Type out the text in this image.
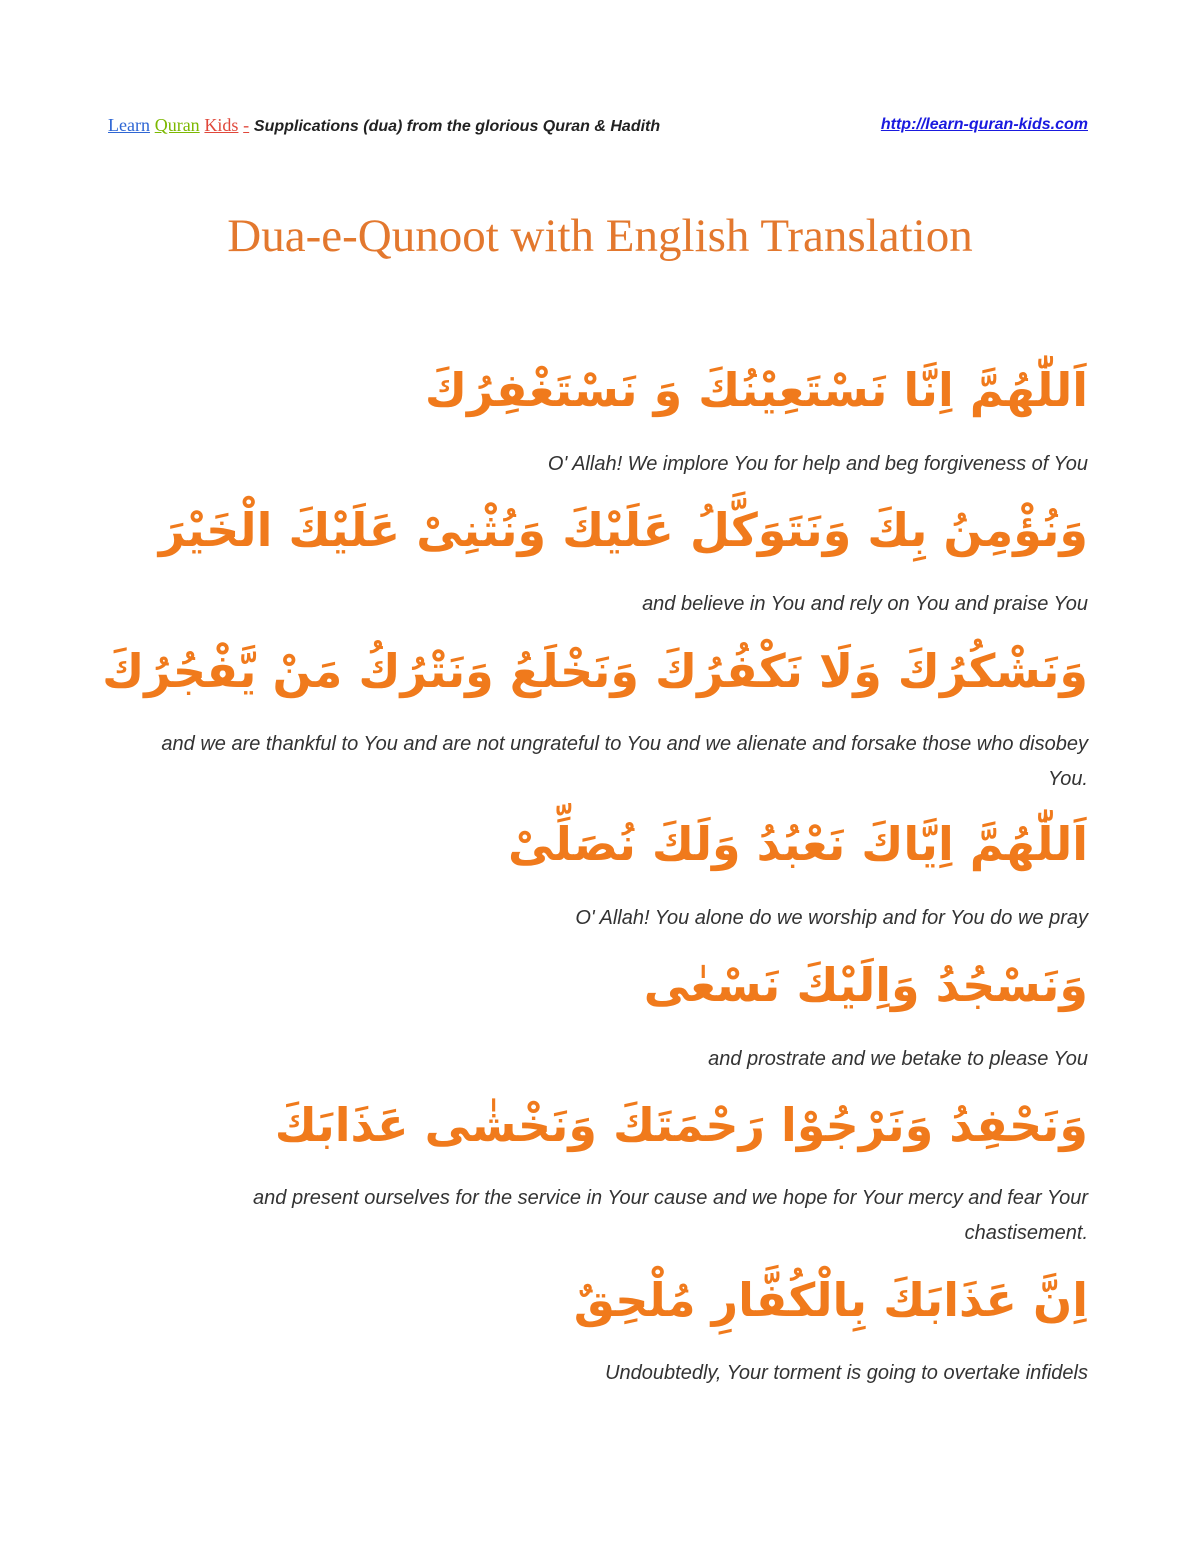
Learn Quran Kids - Supplications (dua) from the glorious Quran & Hadith	http://learn-quran-kids.com
Dua-e-Qunoot with English Translation
اَللّٰهُمَّ اِنَّا نَسْتَعِيْنُكَ وَ نَسْتَغْفِرُكَ
O' Allah! We implore You for help and beg forgiveness of You
وَنُؤْمِنُ بِكَ وَنَتَوَكَّلُ عَلَيْكَ وَنُثْنِىْ عَلَيْكَ الْخَيْرَ
and believe in You and rely on You and praise You
وَنَشْكُرُكَ وَلَا نَكْفُرُكَ وَنَخْلَعُ وَنَتْرُكُ مَنْ يَّفْجُرُكَ
and we are thankful to You and are not ungrateful to You and we alienate and forsake those who disobey You.
اَللّٰهُمَّ اِيَّاكَ نَعْبُدُ وَلَكَ نُصَلِّىْ
O' Allah! You alone do we worship and for You do we pray
وَنَسْجُدُ وَاِلَيْكَ نَسْعٰى
and prostrate and we betake to please You
وَنَحْفِدُ وَنَرْجُوْا رَحْمَتَكَ وَنَخْشٰى عَذَابَكَ
and present ourselves for the service in Your cause and we hope for Your mercy and fear Your chastisement.
اِنَّ عَذَابَكَ بِالْكُفَّارِ مُلْحِقٌ
Undoubtedly, Your torment is going to overtake infidels
